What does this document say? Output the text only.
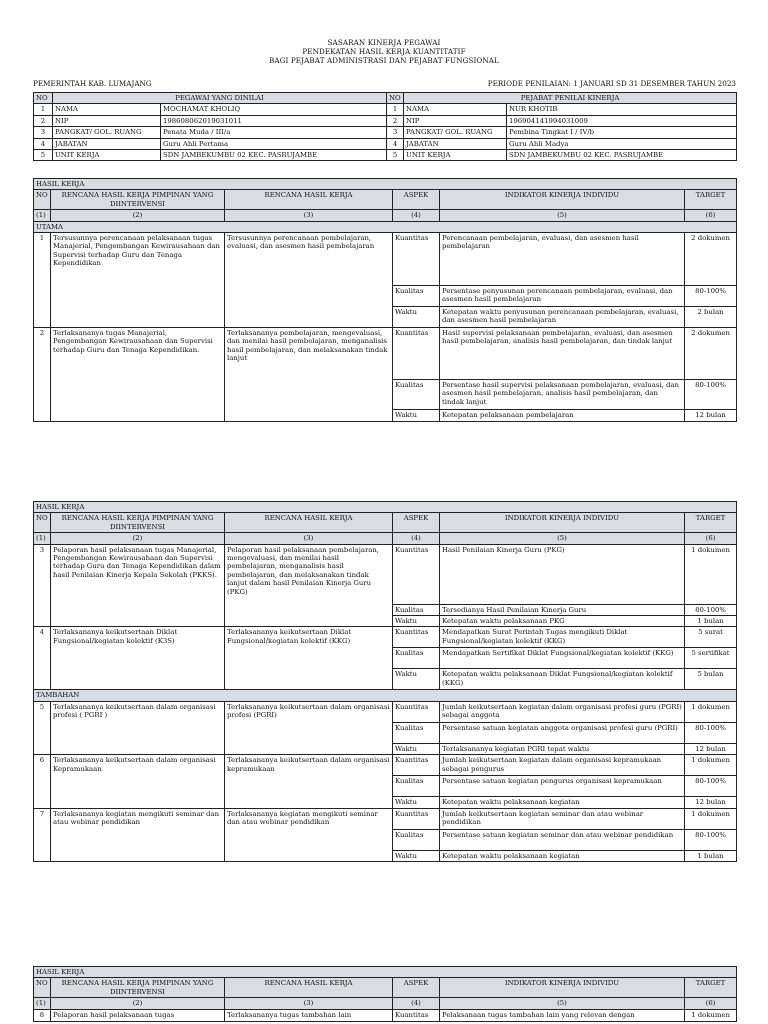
SASARAN KINERJA PEGAWAI
PENDEKATAN HASIL KERJA KUANTITATIF
BAGI PEJABAT ADMINISTRASI DAN PEJABAT FUNGSIONAL
PEMERINTAH KAB. LUMAJANG	PERIODE PENILAIAN: 1 JANUARI SD 31 DESEMBER TAHUN 2023
NO	PEGAWAI YANG DINILAI		NO	PEJABAT PENILAI KINERJA	
1	NAMA	MOCHAMAT KHOLIQ	1	NAMA	NUR KHOTIB
2	NIP	198608062019031011	2	NIP	196904141994031009
3	PANGKAT/ GOL. RUANG	Penata Muda / III/a	3	PANGKAT/ GOL. RUANG	Pembina Tingkat I / IV/b
4	JABATAN	Guru Ahli Pertama	4	JABATAN	Guru Ahli Madya
5	UNIT KERJA	SDN JAMBEKUMBU 02 KEC. PASRUJAMBE	5	UNIT KERJA	SDN JAMBEKUMBU 02 KEC. PASRUJAMBE
HASIL KERJA					
NO	RENCANA HASIL KERJA PIMPINAN YANG DIINTERVENSI	RENCANA HASIL KERJA	ASPEK	INDIKATOR KINERJA INDIVIDU	TARGET
(1)	(2)	(3)	(4)	(5)	(6)
UTAMA					
1	Tersusunnya perencanaan pelaksanaan tugas Manajerial, Pengembangan Kewirausahaan dan Supervisi terhadap Guru dan Tenaga Kependidikan	Tersusunnya perencanaan pembelajaran, evaluasi, dan asesmen hasil pembelajaran	Kuantitas	Perencanaan pembelajaran, evaluasi, dan asesmen hasil pembelajaran	2 dokumen
			Kualitas	Persentase penyusunan perencanaan pembelajaran, evaluasi, dan asesmen hasil pembelajaran	80-100%
			Waktu	Ketepatan waktu penyusunan perencanaan pembelajaran, evaluasi, dan asesmen hasil pembelajaran	2 bulan
2	Terlaksananya tugas Manajerial, Pengembangan Kewirausahaan dan Supervisi terhadap Guru dan Tenaga Kependidikan.	Terlaksananya pembelajaran, mengevaluasi, dan menilai hasil pembelajaran, menganalisis hasil pembelajaran, dan melaksanakan tindak lanjut	Kuantitas	Hasil supervisi pelaksanaan pembelajaran, evaluasi, dan asesmen hasil pembelajaran, analisis hasil pembelajaran, dan tindak lanjut	2 dokumen
			Kualitas	Persentase hasil supervisi pelaksanaan pembelajaran, evaluasi, dan asesmen hasil pembelajaran, analisis hasil pembelajaran, dan tindak lanjut	80-100%
			Waktu	Ketepatan pelaksanaan pembelajaran	12 bulan
HASIL KERJA					
NO	RENCANA HASIL KERJA PIMPINAN YANG DIINTERVENSI	RENCANA HASIL KERJA	ASPEK	INDIKATOR KINERJA INDIVIDU	TARGET
(1)	(2)	(3)	(4)	(5)	(6)
3	Pelaporan hasil pelaksanaan tugas Manajerial, Pengembangan Kewirausahaan dan Supervisi terhadap Guru dan Tenaga Kependidikan dalam hasil Penilaian Kinerja Kepala Sekolah (PKKS).	Pelaporan hasil pelaksanaan pembelajaran, mengevaluasi, dan menilai hasil pembelajaran, menganalisis hasil pembelajaran, dan melaksanakan tindak lanjut dalam hasil Penilaian Kinerja Guru (PKG)	Kuantitas	Hasil Penilaian Kinerja Guru (PKG)	1 dokumen
			Kualitas	Tersedianya Hasil Penilaian Kinerja Guru	80-100%
			Waktu	Ketepatan waktu pelaksanaan PKG	1 bulan
4	Terlaksananya keikutsertaan Diklat Fungsional/kegiatan kolektif (K3S)	Terlaksananya keikutsertaan Diklat Fungsional/kegiatan kolektif (KKG)	Kuantitas	Mendapatkan Surat Perintah Tugas mengikuti Diklat Fungsional/kegiatan kolektif (KKG)	5 surat
			Kualitas	Mendapatkan Sertifikat Diklat Fungsional/kegiatan kolektif (KKG)	5 sertifikat
			Waktu	Ketepatan waktu pelaksanaan Diklat Fungsional/kegiatan kolektif (KKG)	5 bulan
TAMBAHAN					
5	Terlaksananya keikutsertaan dalam organisasi profesi ( PGRI )	Terlaksananya keikutsertaan dalam organisasi profesi (PGRI)	Kuantitas	Jumlah keikutsertaan kegiatan dalam organisasi profesi guru (PGRI) sebagai anggota	1 dokumen
			Kualitas	Persentase satuan kegiatan anggota organisasi profesi guru (PGRI)	80-100%
			Waktu	Terlaksananya kegiatan PGRI tepat waktu	12 bulan
6	Terlaksananya keikutsertaan dalam organisasi Kepramukaan	Terlaksananya keikutsertaan dalam organisasi kepramukaan	Kuantitas	Jumlah keikutsertaan kegiatan dalam organisasi kepramukaan sebagai pengurus	1 dokumen
			Kualitas	Persentase satuan kegiatan pengurus organisasi kepramukaan	80-100%
			Waktu	Ketepatan waktu pelaksanaan kegiatan	12 bulan
7	Terlaksananya kegiatan mengikuti seminar dan atau webinar pendidikan	Terlaksananya kegiatan mengikuti seminar dan atau webinar pendidikan	Kuantitas	Jumlah keikutsertaan kegiatan seminar dan atau webinar pendidikan	1 dokumen
			Kualitas	Persentase satuan kegiatan seminar dan atau webinar pendidikan	80-100%
			Waktu	Ketepatan waktu pelaksanaan kegiatan	1 bulan
HASIL KERJA					
NO	RENCANA HASIL KERJA PIMPINAN YANG DIINTERVENSI	RENCANA HASIL KERJA	ASPEK	INDIKATOR KINERJA INDIVIDU	TARGET
(1)	(2)	(3)	(4)	(5)	(6)
8	Pelaporan hasil pelaksanaan tugas	Terlaksananya tugas tambahan lain	Kuantitas	Pelaksanaan tugas tambahan lain yang relevan dengan	1 dokumen
